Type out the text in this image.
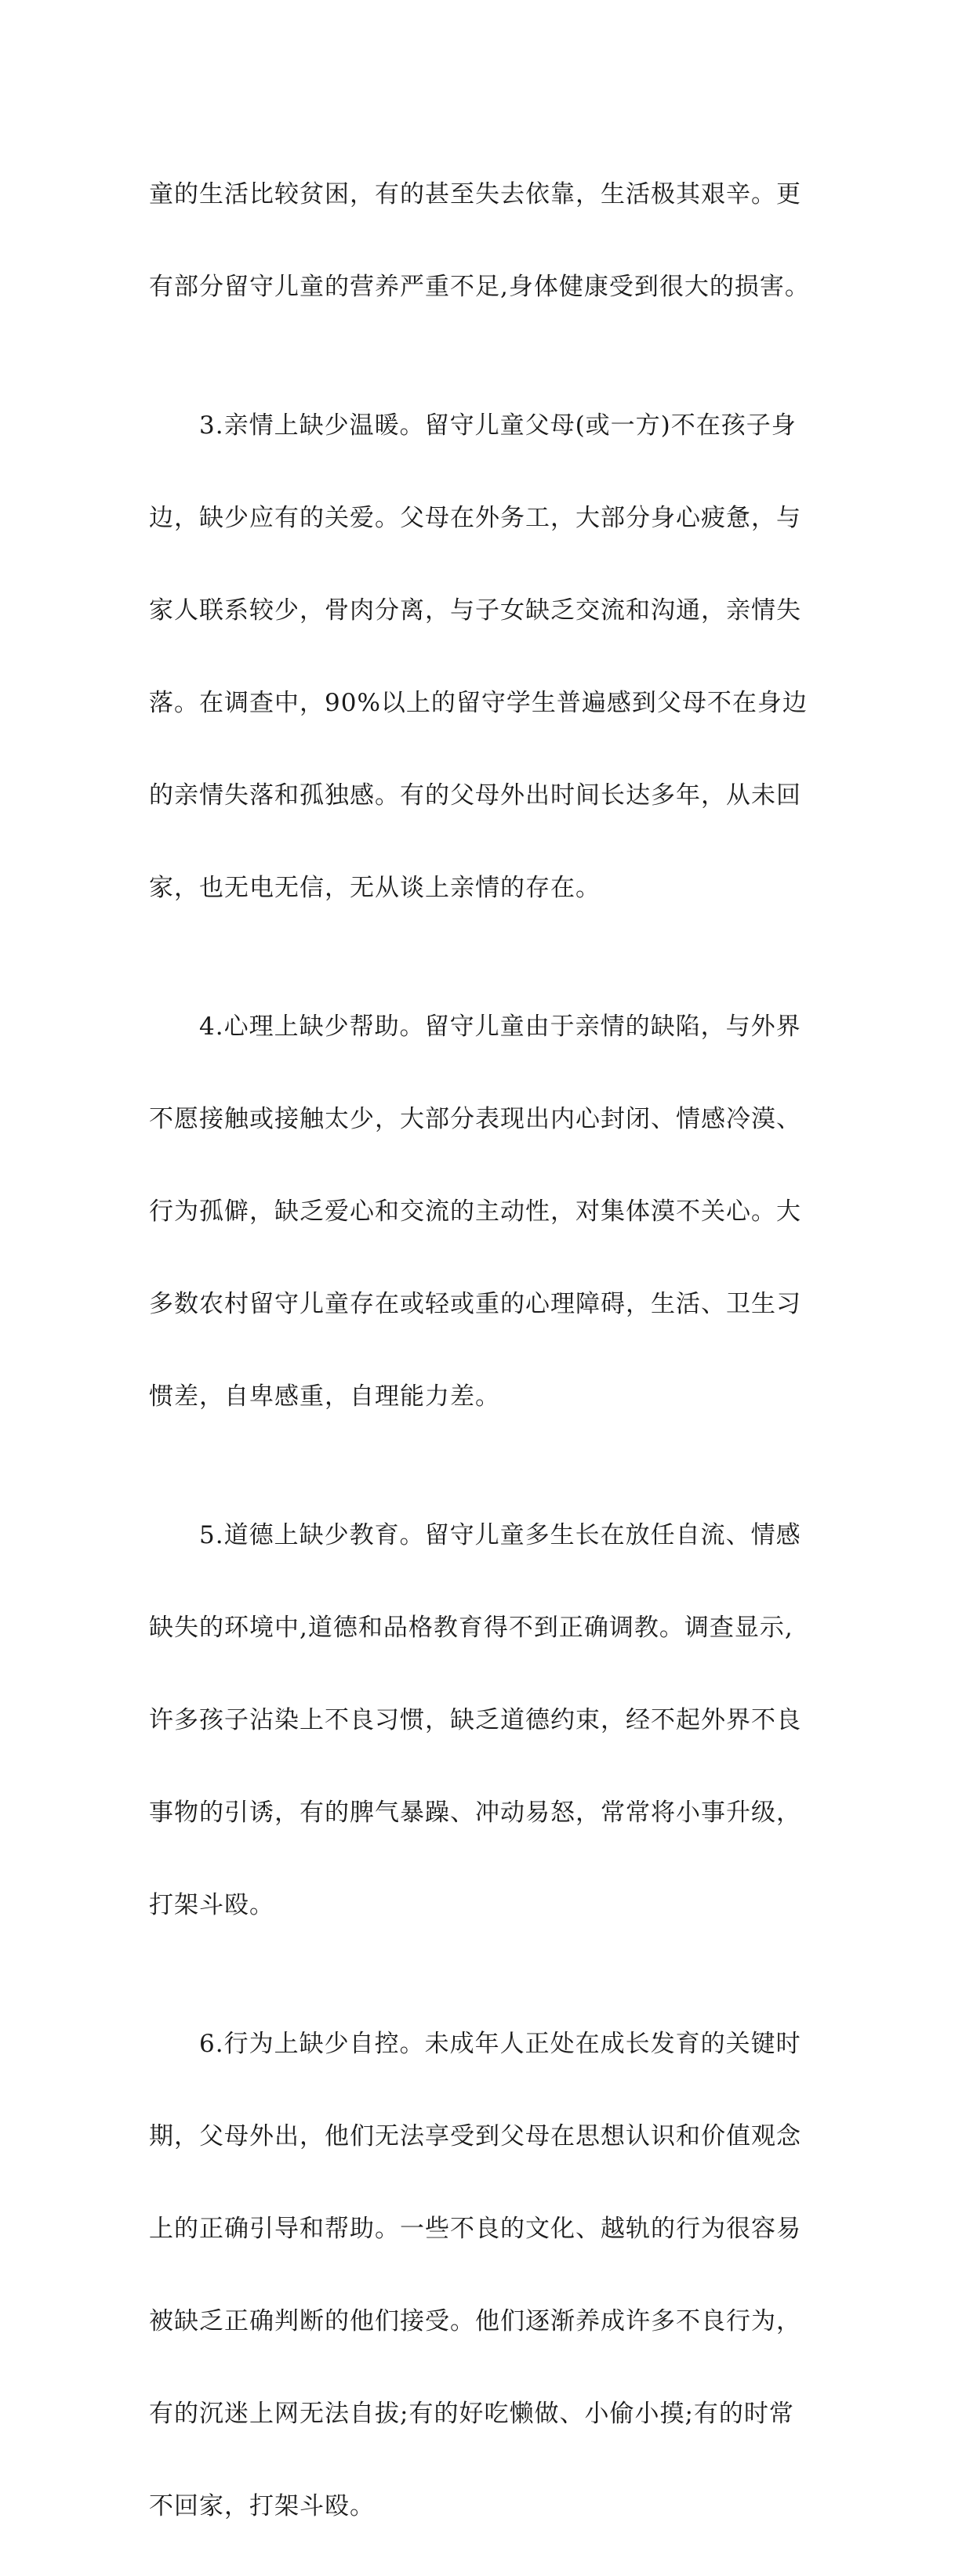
童的生活比较贫困，有的甚至失去依靠，生活极其艰辛。更

有部分留守儿童的营养严重不足,身体健康受到很大的损害。

　　3.亲情上缺少温暖。留守儿童父母(或一方)不在孩子身

边，缺少应有的关爱。父母在外务工，大部分身心疲惫，与

家人联系较少，骨肉分离，与子女缺乏交流和沟通，亲情失

落。在调查中，90%以上的留守学生普遍感到父母不在身边

的亲情失落和孤独感。有的父母外出时间长达多年，从未回

家，也无电无信，无从谈上亲情的存在。

　　4.心理上缺少帮助。留守儿童由于亲情的缺陷，与外界

不愿接触或接触太少，大部分表现出内心封闭、情感冷漠、

行为孤僻，缺乏爱心和交流的主动性，对集体漠不关心。大

多数农村留守儿童存在或轻或重的心理障碍，生活、卫生习

惯差，自卑感重，自理能力差。

　　5.道德上缺少教育。留守儿童多生长在放任自流、情感

缺失的环境中,道德和品格教育得不到正确调教。调查显示,

许多孩子沾染上不良习惯，缺乏道德约束，经不起外界不良

事物的引诱，有的脾气暴躁、冲动易怒，常常将小事升级，

打架斗殴。

　　6.行为上缺少自控。未成年人正处在成长发育的关键时

期，父母外出，他们无法享受到父母在思想认识和价值观念

上的正确引导和帮助。一些不良的文化、越轨的行为很容易

被缺乏正确判断的他们接受。他们逐渐养成许多不良行为，

有的沉迷上网无法自拔;有的好吃懒做、小偷小摸;有的时常

不回家，打架斗殴。
